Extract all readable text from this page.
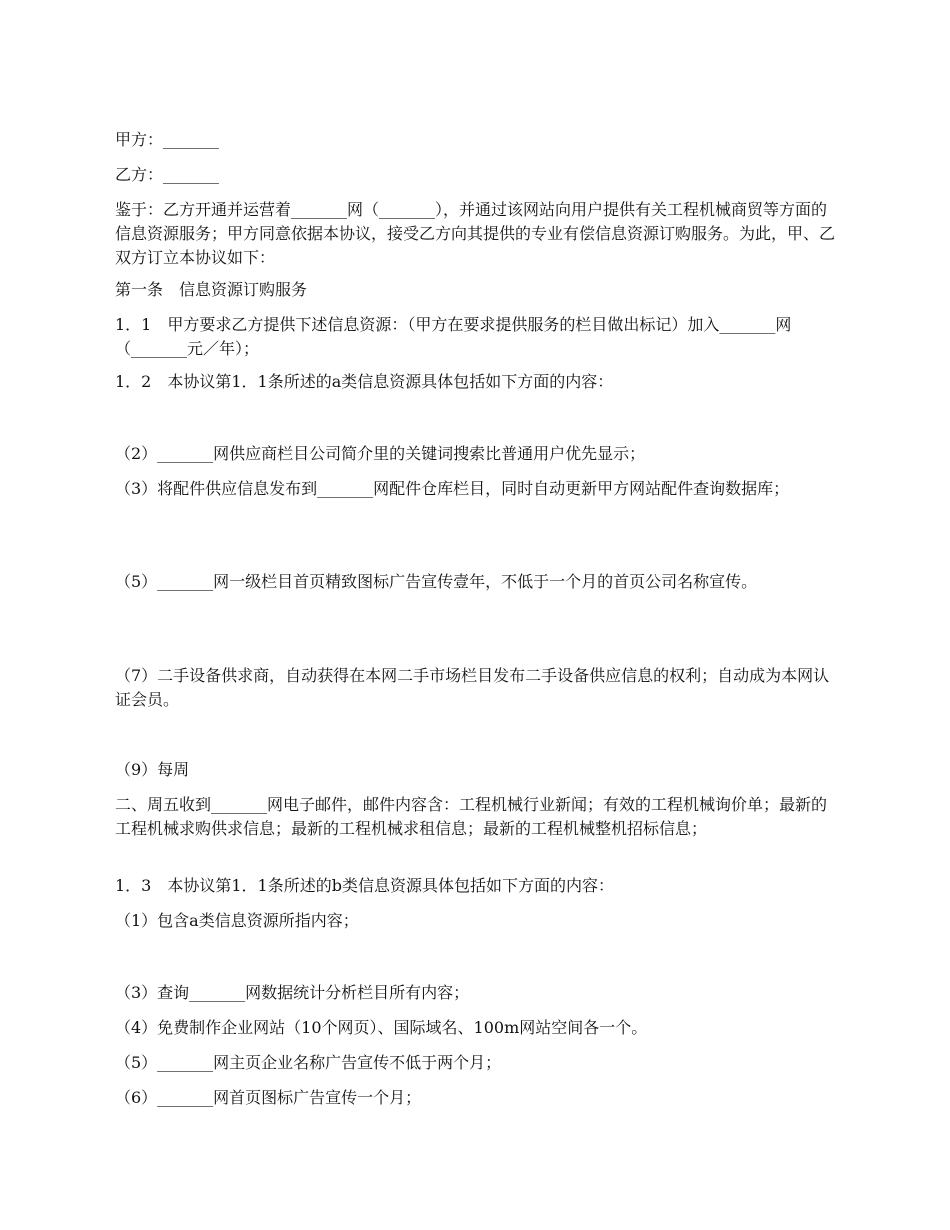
甲方：_______

乙方：_______

鉴于：乙方开通并运营着_______网（_______），并通过该网站向用户提供有关工程机械商贸等方面的信息资源服务；甲方同意依据本协议，接受乙方向其提供的专业有偿信息资源订购服务。为此，甲、乙双方订立本协议如下：

第一条　信息资源订购服务

1．1　甲方要求乙方提供下述信息资源：（甲方在要求提供服务的栏目做出标记）加入_______网（_______元／年）；

1．2　本协议第1．1条所述的a类信息资源具体包括如下方面的内容：

（2）_______网供应商栏目公司简介里的关键词搜索比普通用户优先显示；

（3）将配件供应信息发布到_______网配件仓库栏目，同时自动更新甲方网站配件查询数据库；

（5）_______网一级栏目首页精致图标广告宣传壹年，不低于一个月的首页公司名称宣传。

（7）二手设备供求商，自动获得在本网二手市场栏目发布二手设备供应信息的权利；自动成为本网认证会员。

（9）每周

二、周五收到_______网电子邮件，邮件内容含：工程机械行业新闻；有效的工程机械询价单；最新的工程机械求购供求信息；最新的工程机械求租信息；最新的工程机械整机招标信息；

1．3　本协议第1．1条所述的b类信息资源具体包括如下方面的内容：

（1）包含a类信息资源所指内容；

（3）查询_______网数据统计分析栏目所有内容；

（4）免费制作企业网站（10个网页）、国际域名、100m网站空间各一个。

（5）_______网主页企业名称广告宣传不低于两个月；

（6）_______网首页图标广告宣传一个月；
